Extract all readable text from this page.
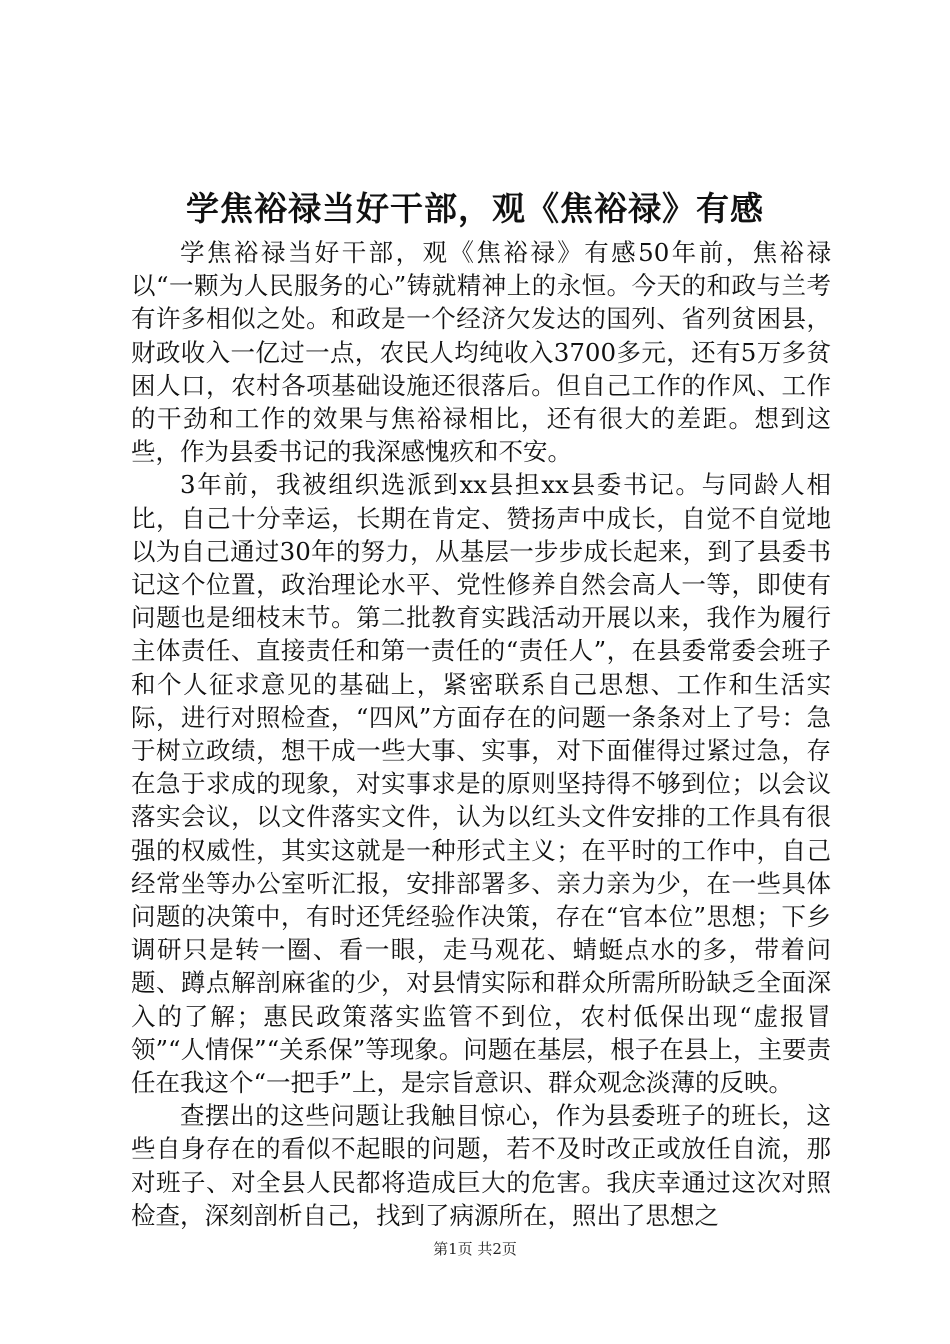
学焦裕禄当好干部，观《焦裕禄》有感

学焦裕禄当好干部，观《焦裕禄》有感50年前，焦裕禄以“一颗为人民服务的心”铸就精神上的永恒。今天的和政与兰考有许多相似之处。和政是一个经济欠发达的国列、省列贫困县，财政收入一亿过一点，农民人均纯收入3700多元，还有5万多贫困人口，农村各项基础设施还很落后。但自己工作的作风、工作的干劲和工作的效果与焦裕禄相比，还有很大的差距。想到这些，作为县委书记的我深感愧疚和不安。

3年前，我被组织选派到xx县担xx县委书记。与同龄人相比，自己十分幸运，长期在肯定、赞扬声中成长，自觉不自觉地以为自己通过30年的努力，从基层一步步成长起来，到了县委书记这个位置，政治理论水平、党性修养自然会高人一等，即使有问题也是细枝末节。第二批教育实践活动开展以来，我作为履行主体责任、直接责任和第一责任的“责任人”，在县委常委会班子和个人征求意见的基础上，紧密联系自己思想、工作和生活实际，进行对照检查，“四风”方面存在的问题一条条对上了号：急于树立政绩，想干成一些大事、实事，对下面催得过紧过急，存在急于求成的现象，对实事求是的原则坚持得不够到位；以会议落实会议，以文件落实文件，认为以红头文件安排的工作具有很强的权威性，其实这就是一种形式主义；在平时的工作中，自己经常坐等办公室听汇报，安排部署多、亲力亲为少，在一些具体问题的决策中，有时还凭经验作决策，存在“官本位”思想；下乡调研只是转一圈、看一眼，走马观花、蜻蜓点水的多，带着问题、蹲点解剖麻雀的少，对县情实际和群众所需所盼缺乏全面深入的了解；惠民政策落实监管不到位，农村低保出现“虚报冒领”“人情保”“关系保”等现象。问题在基层，根子在县上，主要责任在我这个“一把手”上，是宗旨意识、群众观念淡薄的反映。

查摆出的这些问题让我触目惊心，作为县委班子的班长，这些自身存在的看似不起眼的问题，若不及时改正或放任自流，那对班子、对全县人民都将造成巨大的危害。我庆幸通过这次对照检查，深刻剖析自己，找到了病源所在，照出了思想之

第1页 共2页
